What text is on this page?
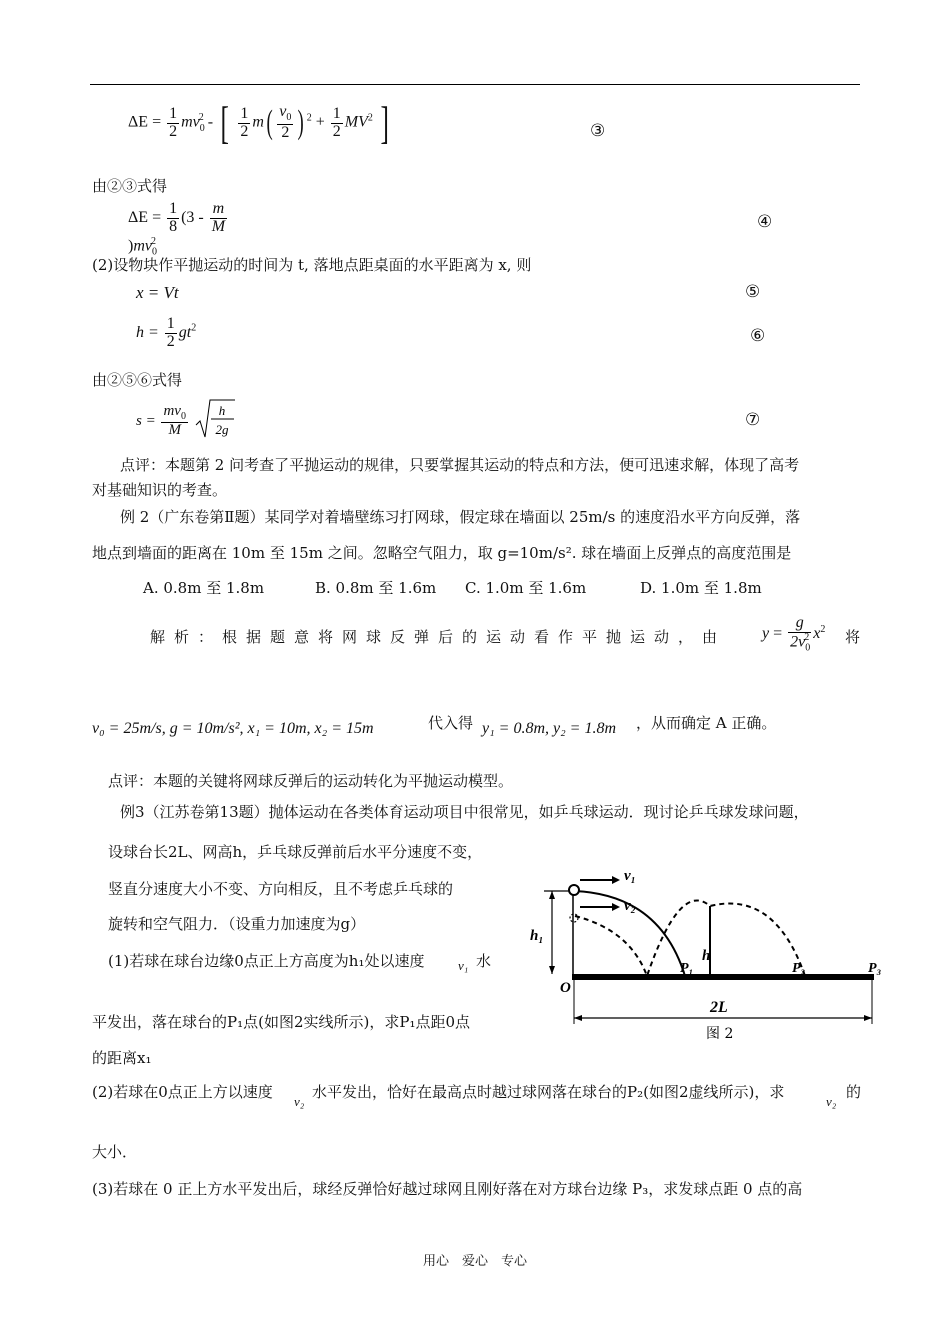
$\Delta E = \frac{1}{2} mv_0^2$ - [ $\frac{1}{2} m( \frac{v_0}{2}$ ) $^2 + \frac{1}{2} MV^2$ ]	③
由②③式得
$\Delta E = \frac{1}{8} (3 - \frac{m}{M}$
)$mv_0^2$
④
(2)设物块作平抛运动的时间为 t, 落地点距桌面的水平距离为 x, 则
x = Vt	⑤
$h = \frac{1}{2} gt^2$	⑥
由②⑤⑥式得
$s = \frac{mv_0}{M}$
h
2g	⑦
点评：本题第 2 问考查了平抛运动的规律，只要掌握其运动的特点和方法，便可迅速求解，体现了高考
对基础知识的考查。
例 2（广东卷第Ⅱ题）某同学对着墙壁练习打网球，假定球在墙面以 25m/s 的速度沿水平方向反弹，落
地点到墙面的距离在 10m 至 15m 之间。忽略空气阻力，取 g=10m/s². 球在墙面上反弹点的高度范围是
A. 0.8m 至 1.8m	B. 0.8m 至 1.6m C. 1.0m 至 1.6m	D. 1.0m 至 1.8m
解析：根据题意将网球反弹后的运动看作平抛运动，由 $y = \frac{g}{2v_0^2} x^2$ 将
v₀ = 25m/s, g = 10m/s², x₁ = 10m, x₂ = 15m	代入得 y₁ = 0.8m, y₂ = 1.8m ，从而确定 A 正确。
点评：本题的关键将网球反弹后的运动转化为平抛运动模型。
例3（江苏卷第13题）抛体运动在各类体育运动项目中很常见，如乒乓球运动．现讨论乒乓球发球问题，
设球台长2L、网高h，乒乓球反弹前后水平分速度不变，
竖直分速度大小不变、方向相反，且不考虑乒乓球的
旋转和空气阻力．（设重力加速度为g）
(1)若球在球台边缘0点正上方高度为h₁处以速度	v₁ 水
平发出，落在球台的P₁点(如图2实线所示)，求P₁点距0点
的距离x₁
(2)若球在0点正上方以速度
v₂
水平发出，恰好在最高点时越过球网落在球台的P₂(如图2虚线所示)，求
v₂
的
大小．
(3)若球在 0 正上方水平发出后，球经反弹恰好越过球网且刚好落在对方球台边缘 P₃，求发球点距 0 点的高
v₁
v₂
h₁
h
O
P₁	P₂	P₃
2L
图 2
用心　爱心　专心
